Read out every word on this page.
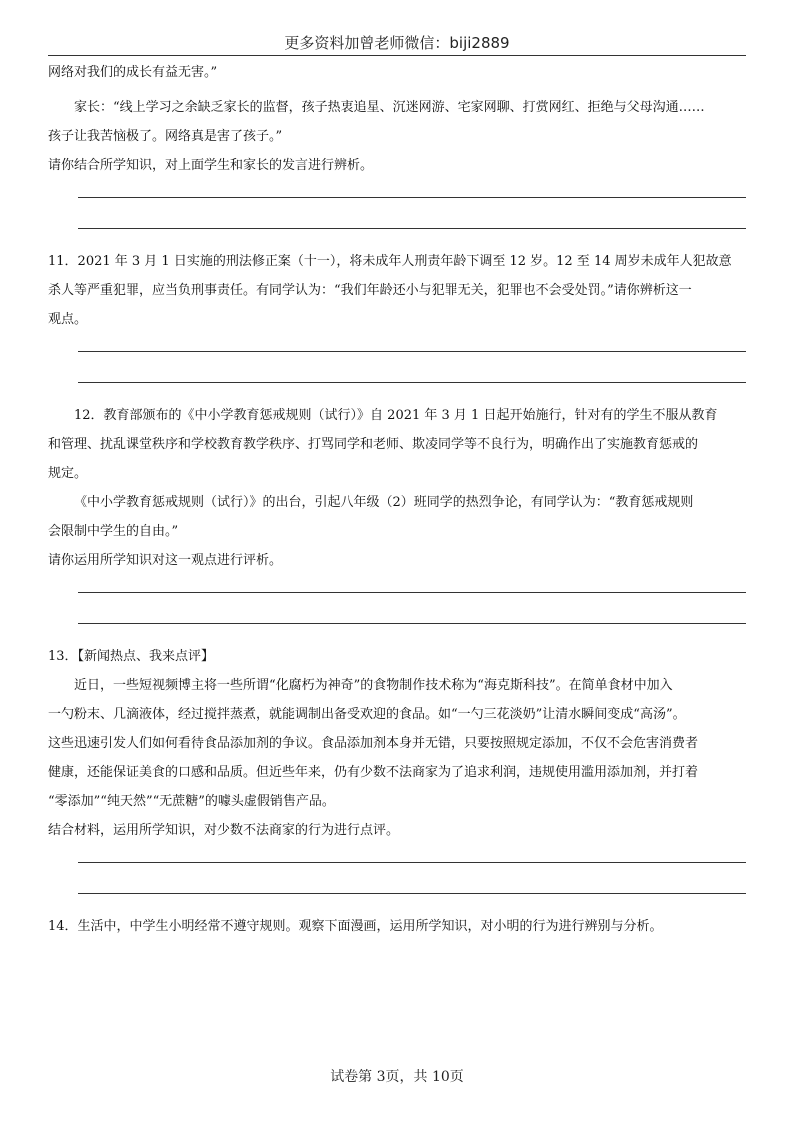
更多资料加曾老师微信：biji2889

网络对我们的成长有益无害。”

家长：“线上学习之余缺乏家长的监督，孩子热衷追星、沉迷网游、宅家网聊、打赏网红、拒绝与父母沟通……

孩子让我苦恼极了。网络真是害了孩子。”

请你结合所学知识，对上面学生和家长的发言进行辨析。

11．2021 年 3 月 1 日实施的刑法修正案（十一），将未成年人刑责年龄下调至 12 岁。12 至 14 周岁未成年人犯故意

杀人等严重犯罪，应当负刑事责任。有同学认为：“我们年龄还小与犯罪无关，犯罪也不会受处罚。”请你辨析这一

观点。

12．教育部颁布的《中小学教育惩戒规则（试行）》自 2021 年 3 月 1 日起开始施行，针对有的学生不服从教育

和管理、扰乱课堂秩序和学校教育教学秩序、打骂同学和老师、欺凌同学等不良行为，明确作出了实施教育惩戒的

规定。

《中小学教育惩戒规则（试行）》的出台，引起八年级（2）班同学的热烈争论，有同学认为：“教育惩戒规则

会限制中学生的自由。”

请你运用所学知识对这一观点进行评析。

13．【新闻热点、我来点评】

近日，一些短视频博主将一些所谓“化腐朽为神奇”的食物制作技术称为“海克斯科技”。在简单食材中加入

一勺粉末、几滴液体，经过搅拌蒸煮，就能调制出备受欢迎的食品。如“一勺三花淡奶”让清水瞬间变成“高汤”。

这些迅速引发人们如何看待食品添加剂的争议。食品添加剂本身并无错，只要按照规定添加，不仅不会危害消费者

健康，还能保证美食的口感和品质。但近些年来，仍有少数不法商家为了追求利润，违规使用滥用添加剂，并打着

“零添加”“纯天然”“无蔗糖”的噱头虚假销售产品。

结合材料，运用所学知识，对少数不法商家的行为进行点评。

14．生活中，中学生小明经常不遵守规则。观察下面漫画，运用所学知识，对小明的行为进行辨别与分析。

试卷第 3页，共 10页
